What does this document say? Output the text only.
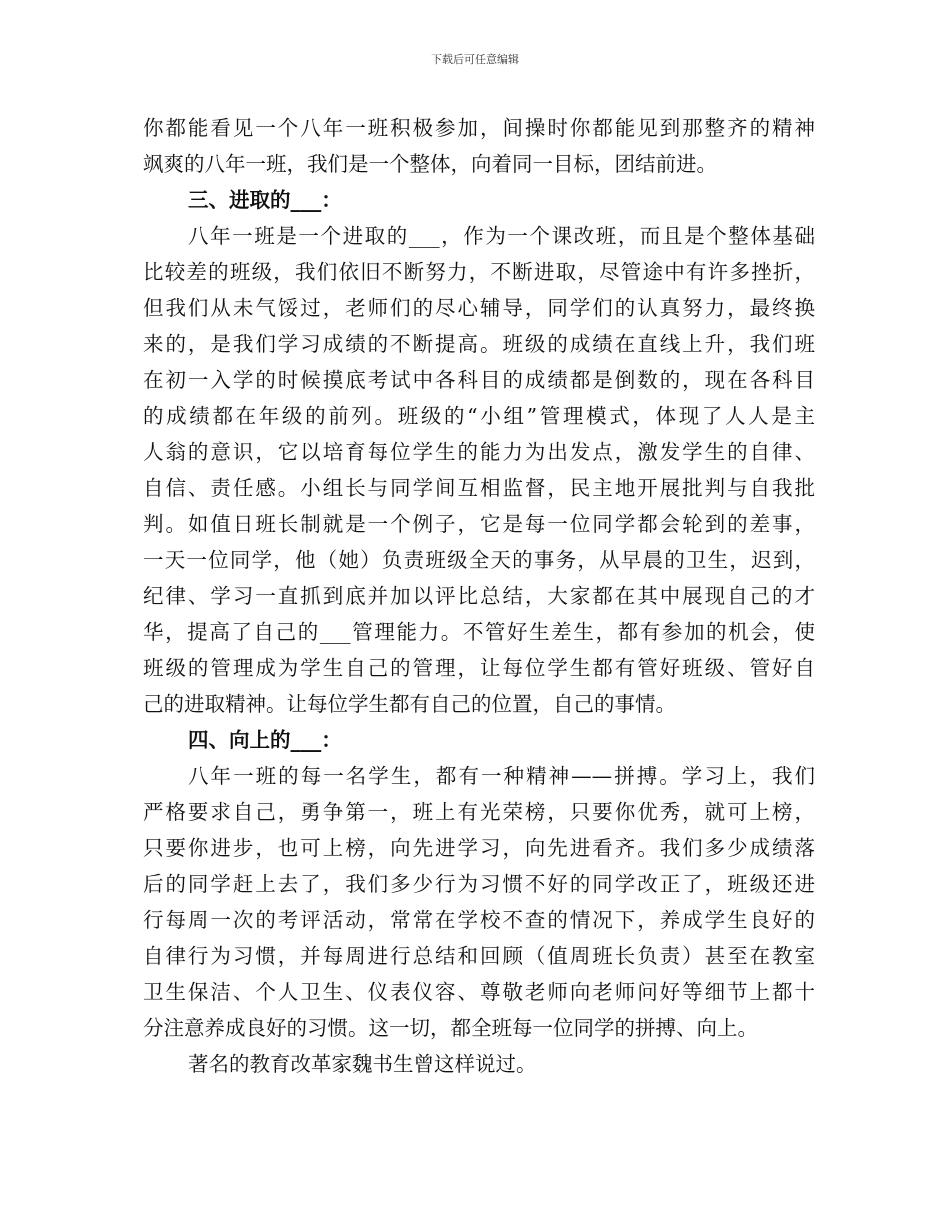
下载后可任意编辑
你都能看见一个八年一班积极参加，间操时你都能见到那整齐的精神
飒爽的八年一班，我们是一个整体，向着同一目标，团结前进。
三、进取的___：
八年一班是一个进取的___，作为一个课改班，而且是个整体基础
比较差的班级，我们依旧不断努力，不断进取，尽管途中有许多挫折，
但我们从未气馁过，老师们的尽心辅导，同学们的认真努力，最终换
来的，是我们学习成绩的不断提高。班级的成绩在直线上升，我们班
在初一入学的时候摸底考试中各科目的成绩都是倒数的，现在各科目
的成绩都在年级的前列。班级的“小组”管理模式，体现了人人是主
人翁的意识，它以培育每位学生的能力为出发点，激发学生的自律、
自信、责任感。小组长与同学间互相监督，民主地开展批判与自我批
判。如值日班长制就是一个例子，它是每一位同学都会轮到的差事，
一天一位同学，他（她）负责班级全天的事务，从早晨的卫生，迟到，
纪律、学习一直抓到底并加以评比总结，大家都在其中展现自己的才
华，提高了自己的___管理能力。不管好生差生，都有参加的机会，使
班级的管理成为学生自己的管理，让每位学生都有管好班级、管好自
己的进取精神。让每位学生都有自己的位置，自己的事情。
四、向上的___：
八年一班的每一名学生，都有一种精神——拼搏。学习上，我们
严格要求自己，勇争第一，班上有光荣榜，只要你优秀，就可上榜，
只要你进步，也可上榜，向先进学习，向先进看齐。我们多少成绩落
后的同学赶上去了，我们多少行为习惯不好的同学改正了，班级还进
行每周一次的考评活动，常常在学校不查的情况下，养成学生良好的
自律行为习惯，并每周进行总结和回顾（值周班长负责）甚至在教室
卫生保洁、个人卫生、仪表仪容、尊敬老师向老师问好等细节上都十
分注意养成良好的习惯。这一切，都全班每一位同学的拼搏、向上。
著名的教育改革家魏书生曾这样说过。
